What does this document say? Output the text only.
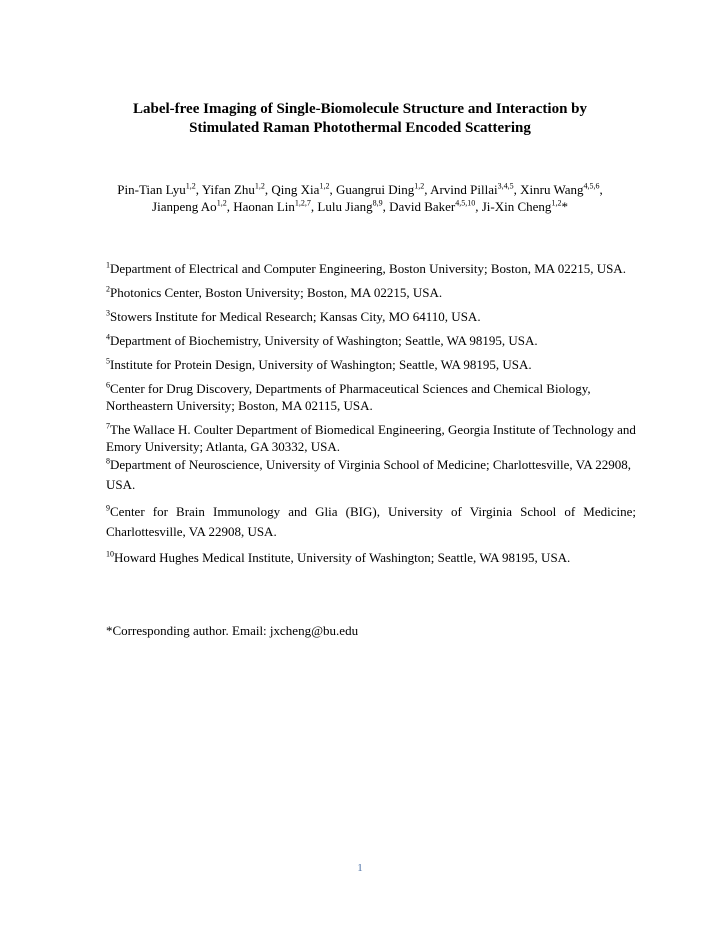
Label-free Imaging of Single-Biomolecule Structure and Interaction by
Stimulated Raman Photothermal Encoded Scattering
Pin-Tian Lyu$^{1,2}$, Yifan Zhu$^{1,2}$, Qing Xia$^{1,2}$, Guangrui Ding$^{1,2}$, Arvind Pillai$^{3,4,5}$, Xinru Wang$^{4,5,6}$,
Jianpeng Ao$^{1,2}$, Haonan Lin$^{1,2,7}$, Lulu Jiang$^{8,9}$, David Baker$^{4,5,10}$, Ji-Xin Cheng$^{1,2}$*
$^1$Department of Electrical and Computer Engineering, Boston University; Boston, MA 02215, USA.
$^2$Photonics Center, Boston University; Boston, MA 02215, USA.
$^3$Stowers Institute for Medical Research; Kansas City, MO 64110, USA.
$^4$Department of Biochemistry, University of Washington; Seattle, WA 98195, USA.
$^5$Institute for Protein Design, University of Washington; Seattle, WA 98195, USA.
$^6$Center for Drug Discovery, Departments of Pharmaceutical Sciences and Chemical Biology, Northeastern University; Boston, MA 02115, USA.
$^7$The Wallace H. Coulter Department of Biomedical Engineering, Georgia Institute of Technology and Emory University; Atlanta, GA 30332, USA.
$^8$Department of Neuroscience, University of Virginia School of Medicine; Charlottesville, VA 22908, USA.
$^9$Center for Brain Immunology and Glia (BIG), University of Virginia School of Medicine; Charlottesville, VA 22908, USA.
$^{10}$Howard Hughes Medical Institute, University of Washington; Seattle, WA 98195, USA.
*Corresponding author. Email: jxcheng@bu.edu
1
